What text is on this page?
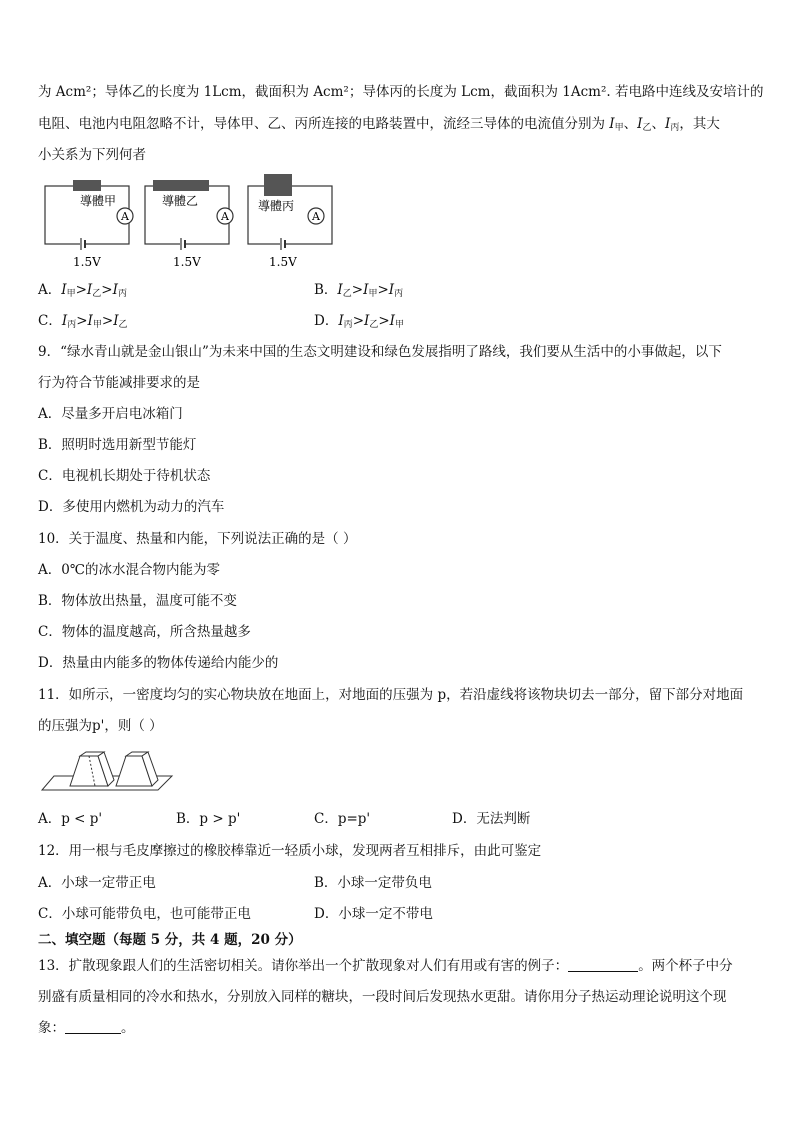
为 Acm²；导体乙的长度为 1Lcm，截面积为 Acm²；导体丙的长度为 Lcm，截面积为 1Acm². 若电路中连线及安培计的
电阻、电池内电阻忽略不计，导体甲、乙、丙所连接的电路装置中，流经三导体的电流值分别为 $I_甲$、$I_乙$、$I_丙$，其大
小关系为下列何者
A
導體甲
1.5V
A
導體乙
1.5V
A
導體丙
1.5V
A．$I_甲>I_乙>I_丙$	B．$I_乙>I_甲>I_丙$
C．$I_丙>I_甲>I_乙$	D．$I_丙>I_乙>I_甲$
9．“绿水青山就是金山银山”为未来中国的生态文明建设和绿色发展指明了路线，我们要从生活中的小事做起，以下
行为符合节能减排要求的是
A．尽量多开启电冰箱门
B．照明时选用新型节能灯
C．电视机长期处于待机状态
D．多使用内燃机为动力的汽车
10．关于温度、热量和内能，下列说法正确的是（ ）
A．0℃的冰水混合物内能为零
B．物体放出热量，温度可能不变
C．物体的温度越高，所含热量越多
D．热量由内能多的物体传递给内能少的
11．如所示，一密度均匀的实心物块放在地面上，对地面的压强为 p，若沿虚线将该物块切去一部分，留下部分对地面
的压强为p'，则（ ）
A．p < p'	B．p > p'	C．p=p'	D．无法判断
12．用一根与毛皮摩擦过的橡胶棒靠近一轻质小球，发现两者互相排斥，由此可鉴定
A．小球一定带正电	B．小球一定带负电
C．小球可能带负电，也可能带正电	D．小球一定不带电
二、填空题（每题 5 分，共 4 题，20 分）
13．扩散现象跟人们的生活密切相关。请你举出一个扩散现象对人们有用或有害的例子：	。两个杯子中分
别盛有质量相同的冷水和热水，分别放入同样的糖块，一段时间后发现热水更甜。请你用分子热运动理论说明这个现
象：	。
